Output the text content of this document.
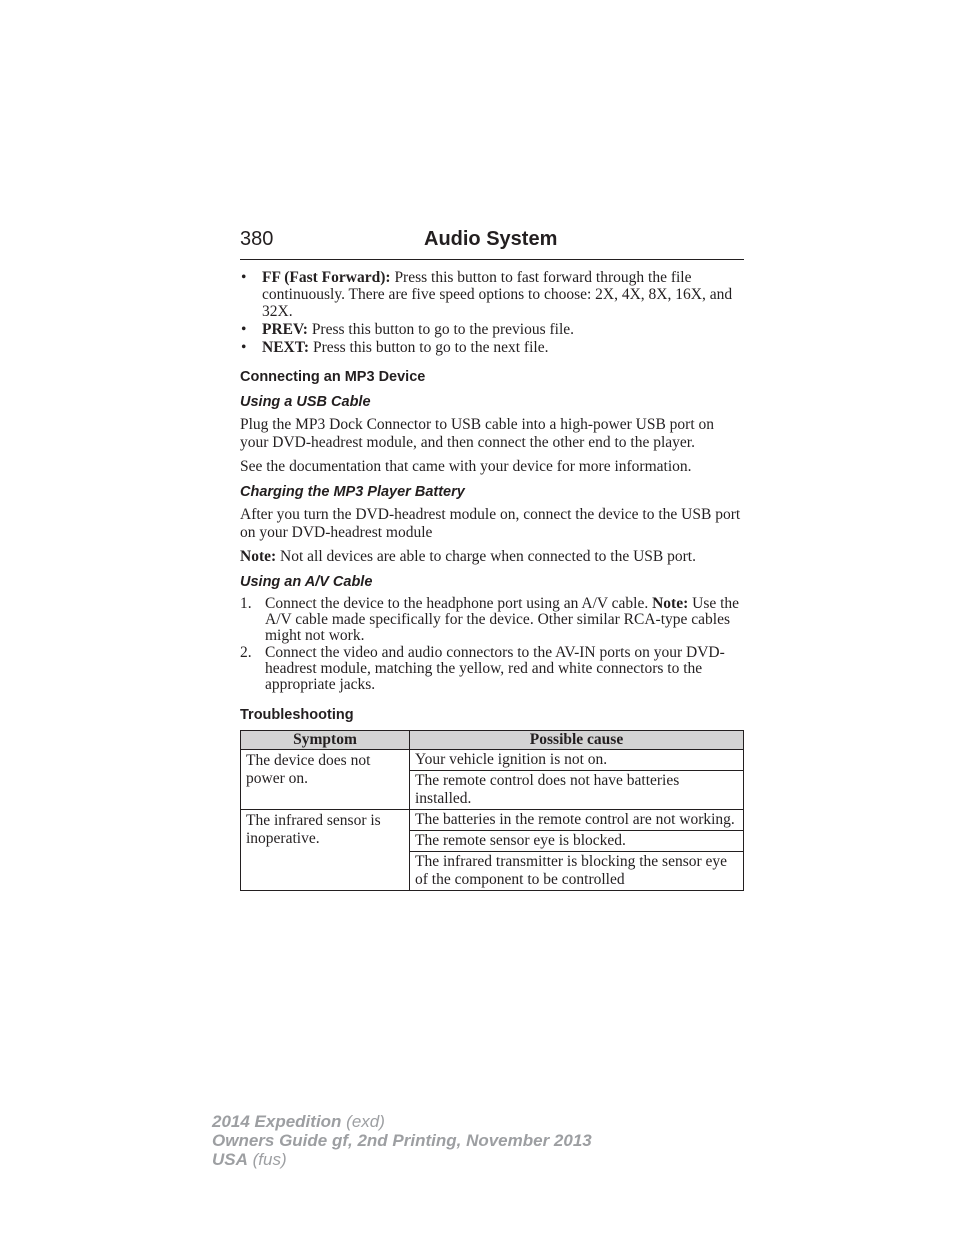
380	Audio System
• FF (Fast Forward): Press this button to fast forward through the file continuously. There are five speed options to choose: 2X, 4X, 8X, 16X, and 32X.
• PREV: Press this button to go to the previous file.
• NEXT: Press this button to go to the next file.
Connecting an MP3 Device
Using a USB Cable

Plug the MP3 Dock Connector to USB cable into a high-power USB port on your DVD-headrest module, and then connect the other end to the player.

See the documentation that came with your device for more information.

Charging the MP3 Player Battery

After you turn the DVD-headrest module on, connect the device to the USB port on your DVD-headrest module

Note: Not all devices are able to charge when connected to the USB port.

Using an A/V Cable
1. Connect the device to the headphone port using an A/V cable. Note: Use the A/V cable made specifically for the device. Other similar RCA-type cables might not work.
2. Connect the video and audio connectors to the AV-IN ports on your DVD-headrest module, matching the yellow, red and white connectors to the appropriate jacks.
Troubleshooting
Symptom	Possible cause
The device does not power on.	Your vehicle ignition is not on.
	The remote control does not have batteries installed.
The infrared sensor is inoperative.	The batteries in the remote control are not working.
	The remote sensor eye is blocked.
	The infrared transmitter is blocking the sensor eye of the component to be controlled
2014 Expedition (exd)
Owners Guide gf, 2nd Printing, November 2013
USA (fus)
